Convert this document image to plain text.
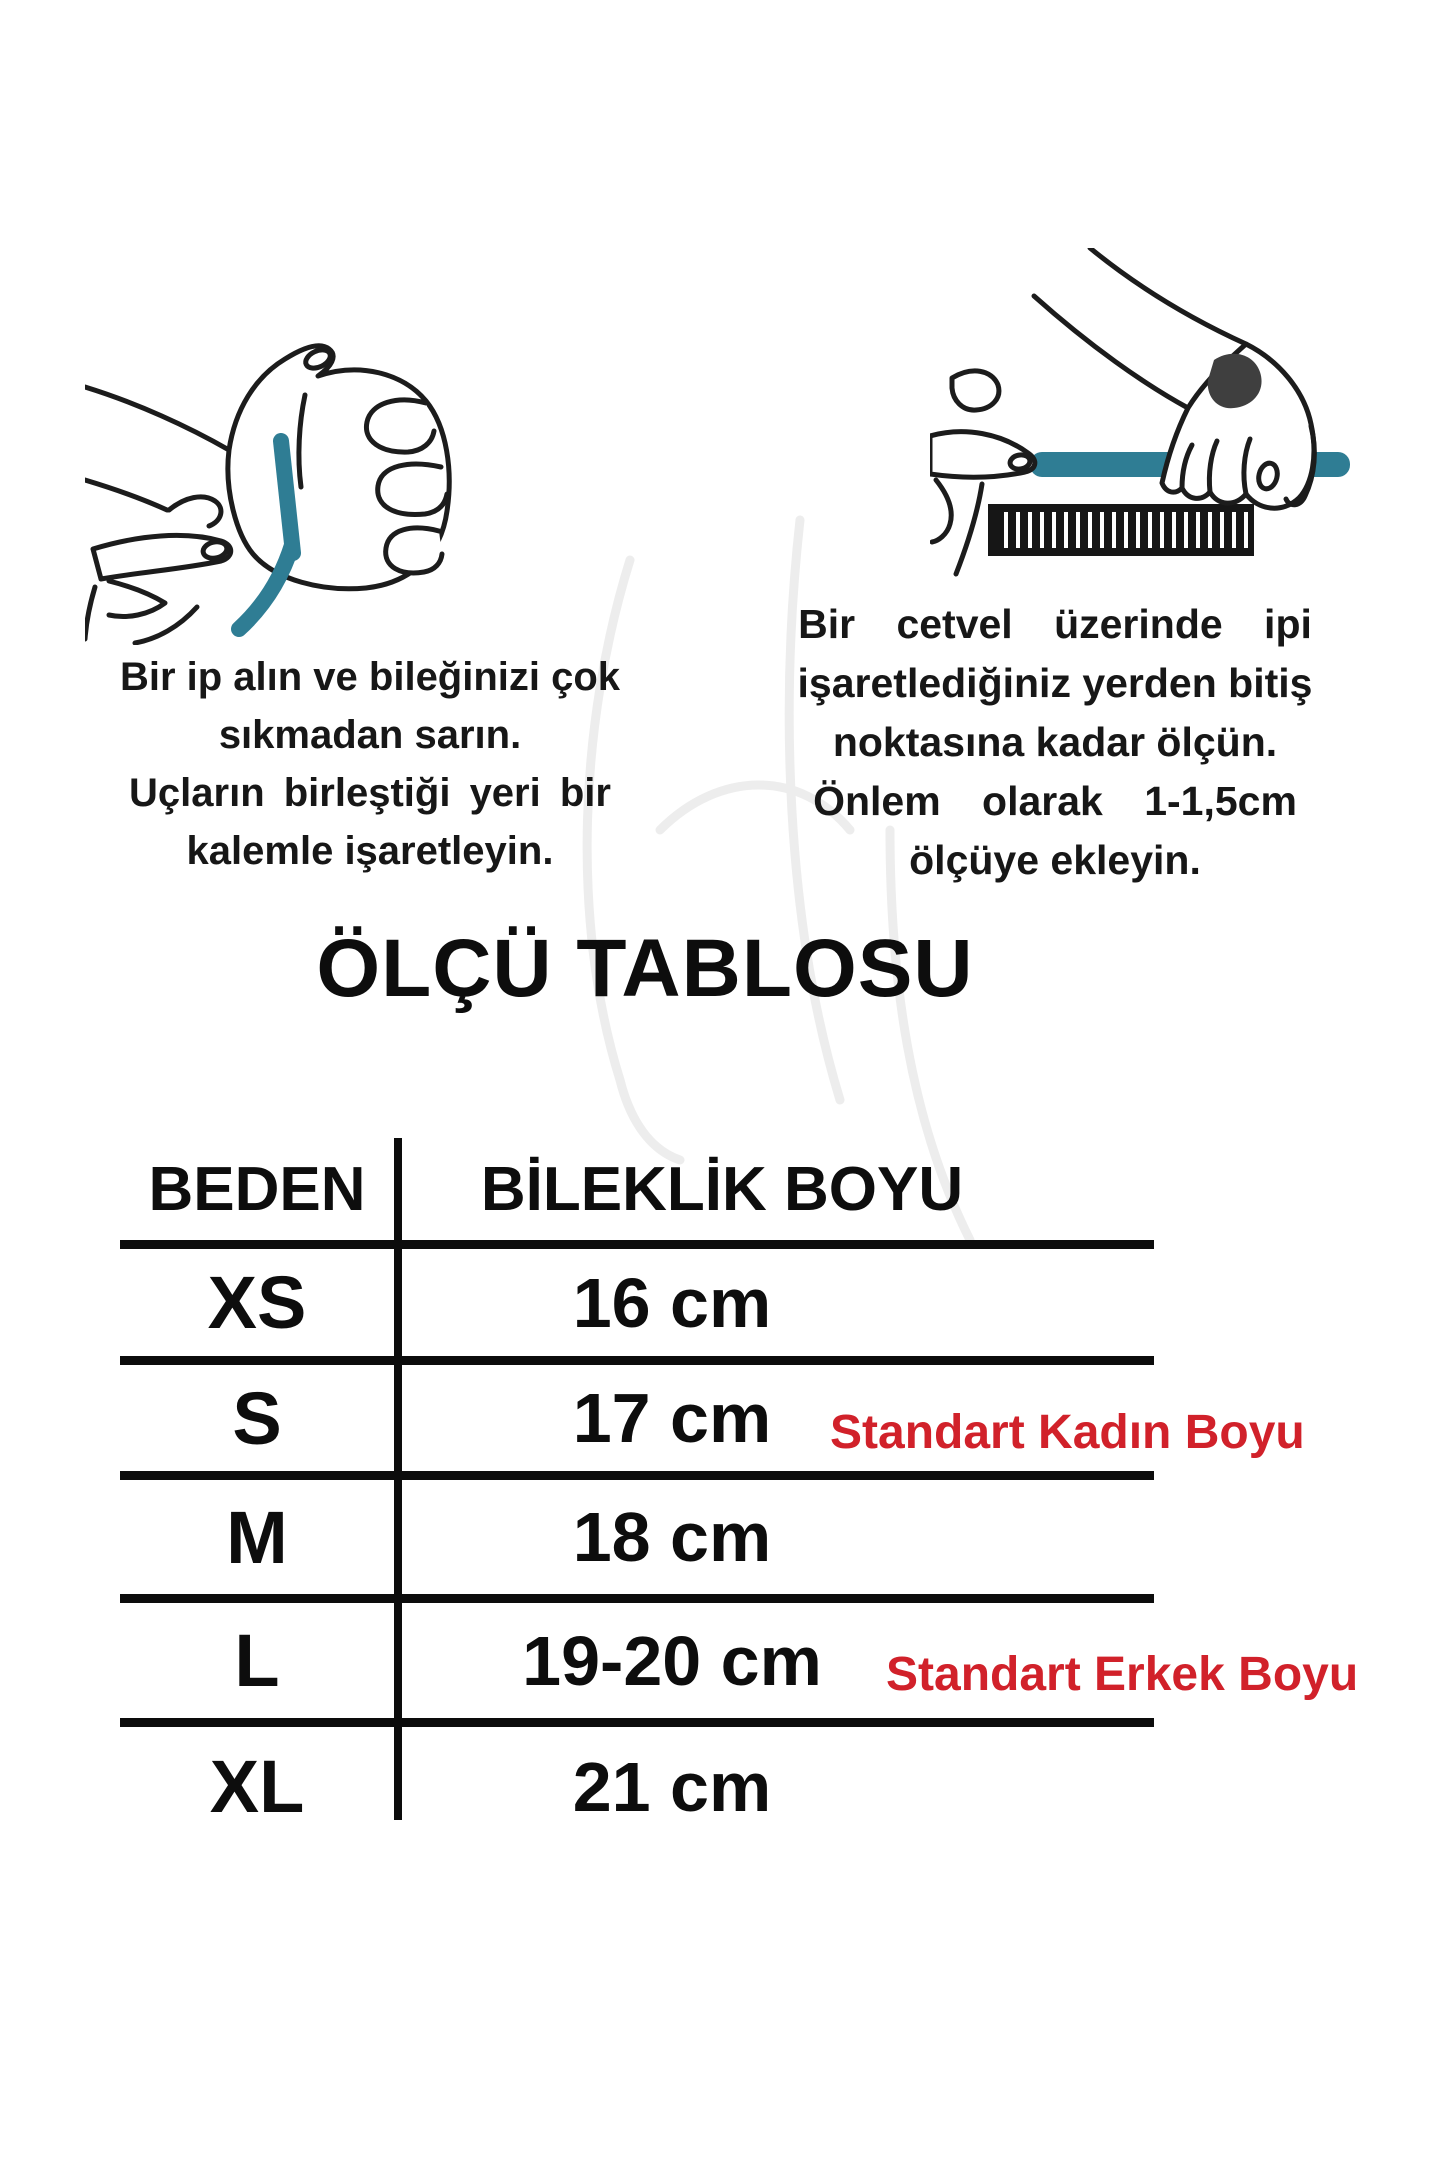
Bir ip alın ve bileğinizi çok
sıkmadan sarın.
Uçların birleştiği yeri bir
kalemle işaretleyin.
Bir cetvel üzerinde ipi
işaretlediğiniz yerden bitiş
noktasına kadar ölçün.
Önlem olarak 1-1,5cm
ölçüye ekleyin.
ÖLÇÜ TABLOSU
BEDEN	BİLEKLİK BOYU
XS	16 cm
S	17 cm	Standart Kadın Boyu
M	18 cm
L	19-20 cm	Standart Erkek Boyu
XL	21 cm
